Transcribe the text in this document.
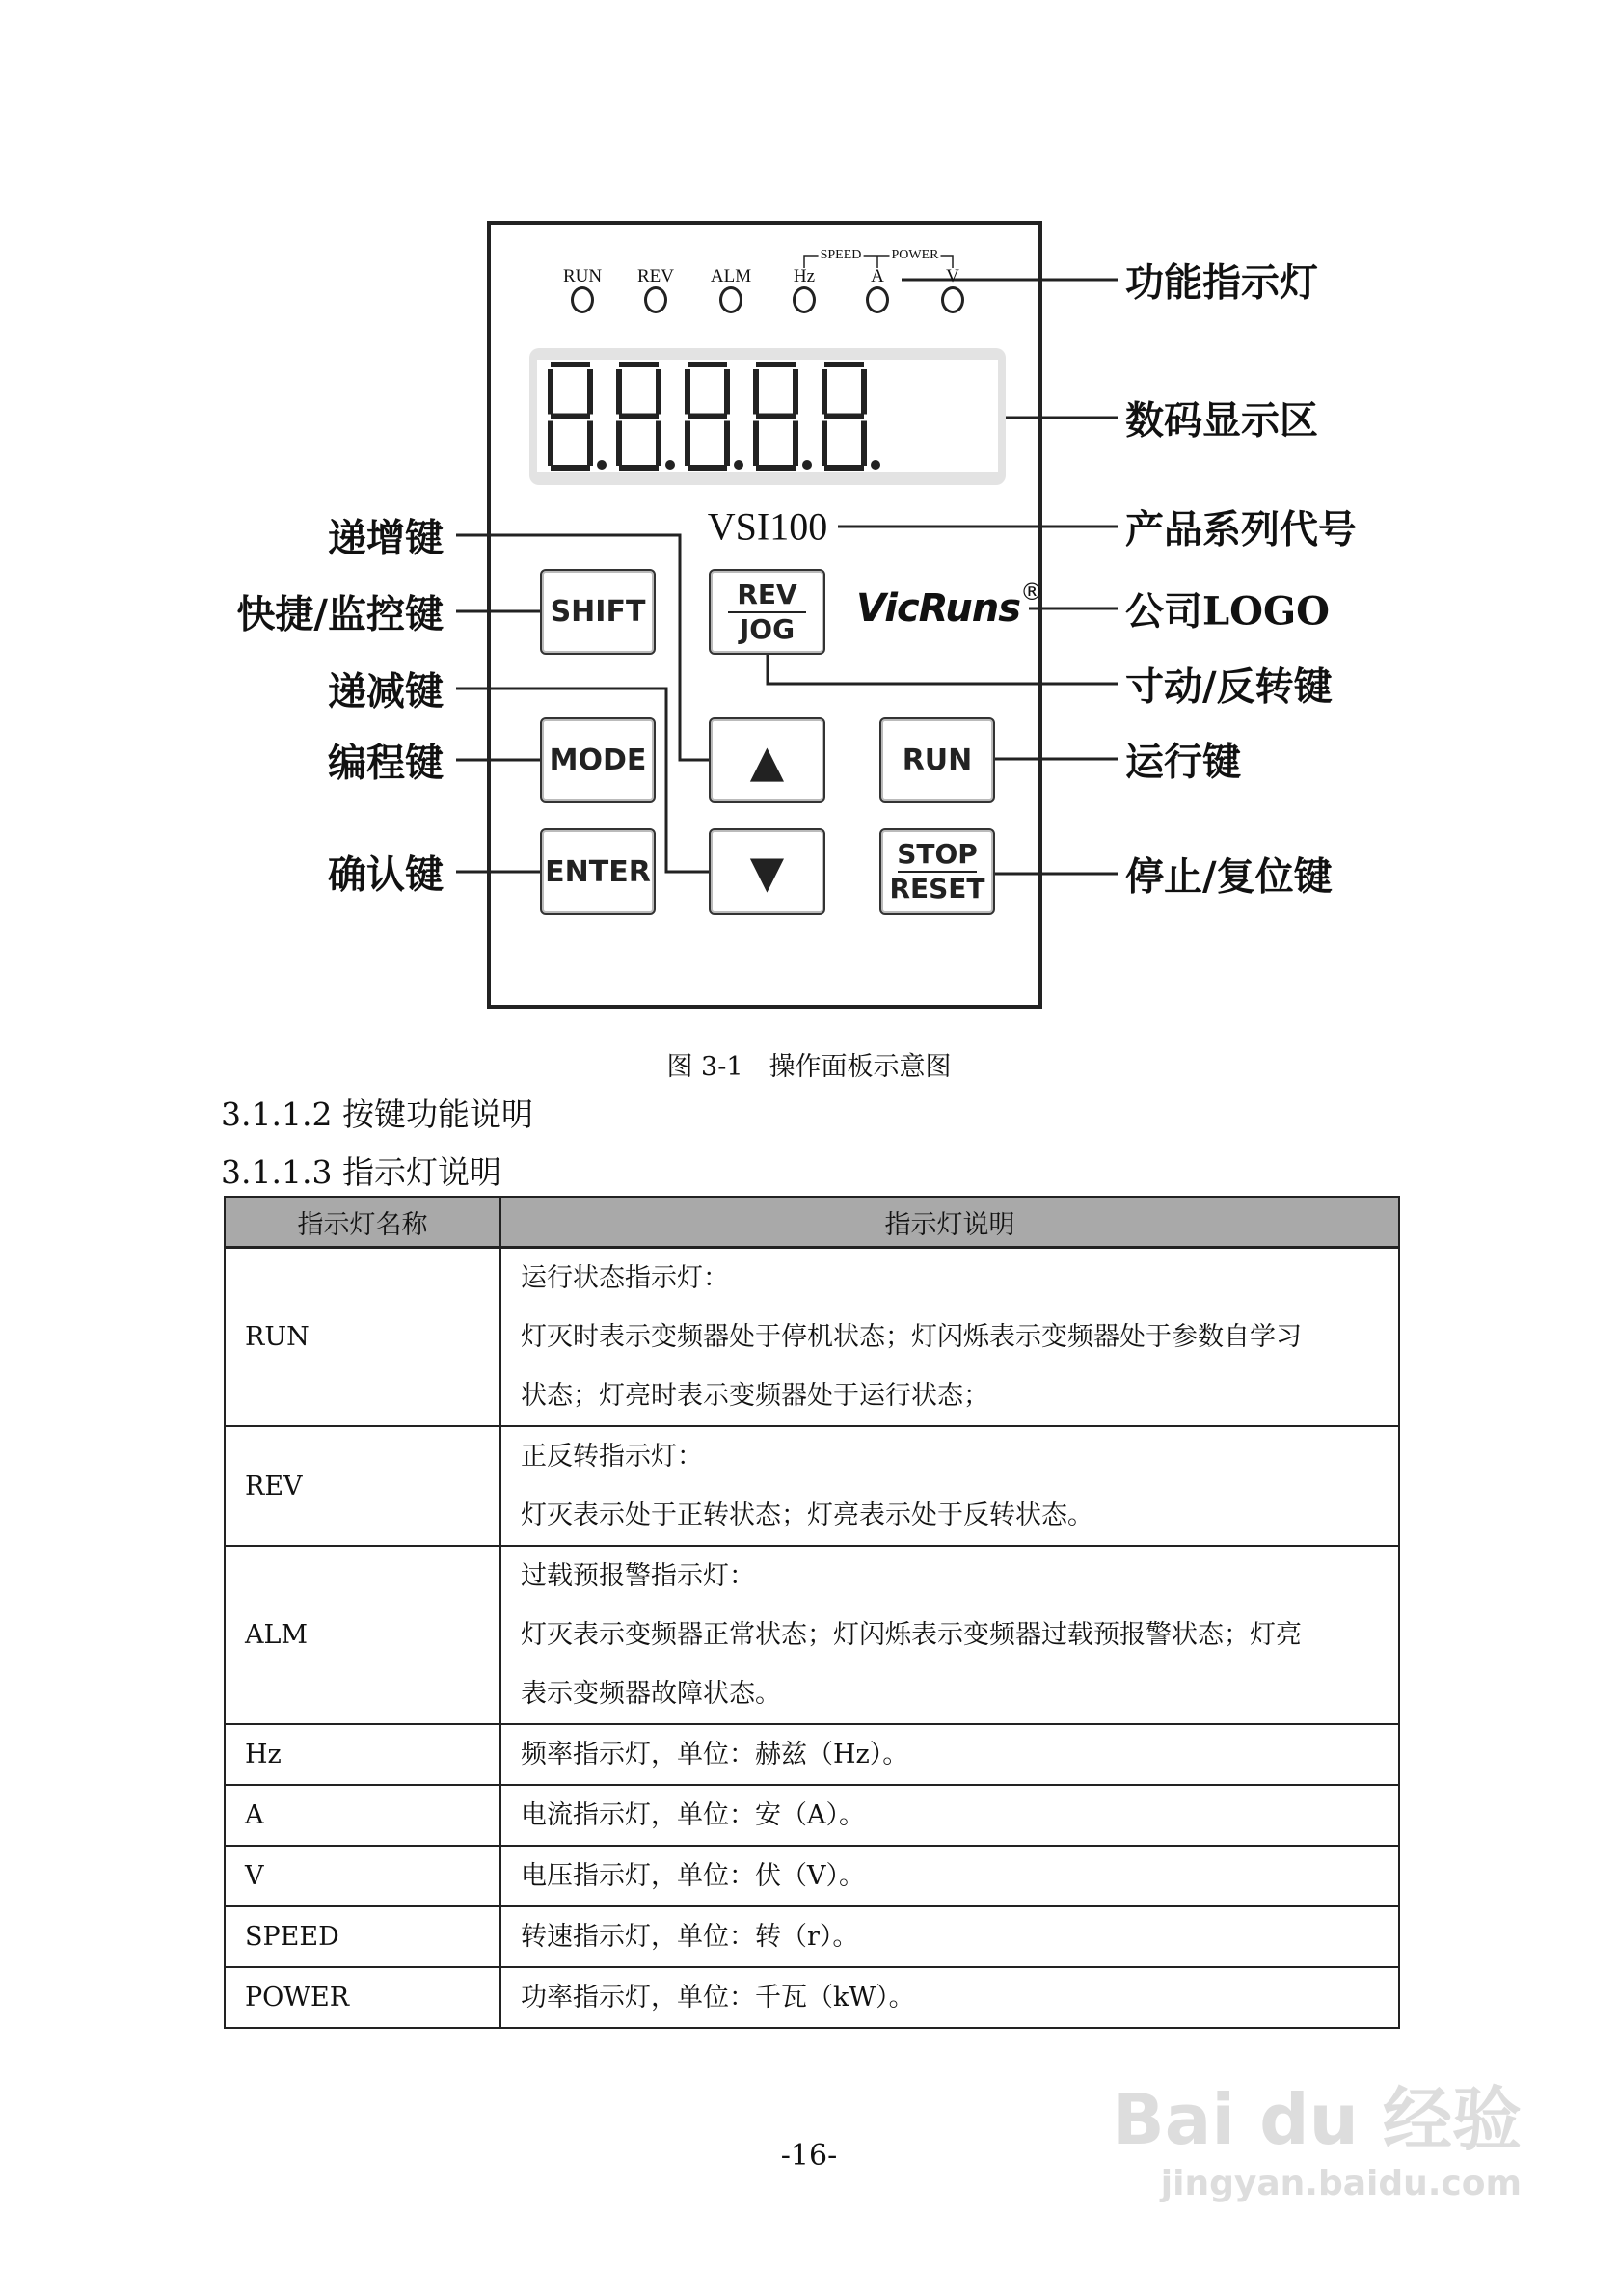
SPEED POWER
RUN REV ALM Hz	A	V
VSI100
VicRuns®
SHIFT
REV
JOG
MODE ▲	RUN
ENTER ▼	STOP
RESET
递增键
快捷/监控键
递减键
编程键
确认键
功能指示灯
数码显示区
产品系列代号
公司LOGO
寸动/反转键
运行键
停止/复位键
图 3-1　操作面板示意图
3.1.1.2 按键功能说明
3.1.1.3 指示灯说明
指示灯名称	指示灯说明
RUN	运行状态指示灯：
灯灭时表示变频器处于停机状态；灯闪烁表示变频器处于参数自学习
状态；灯亮时表示变频器处于运行状态；

REV	正反转指示灯：
灯灭表示处于正转状态；灯亮表示处于反转状态。

ALM	过载预报警指示灯：
灯灭表示变频器正常状态；灯闪烁表示变频器过载预报警状态；灯亮
表示变频器故障状态。

Hz	频率指示灯，单位：赫兹（Hz）。

A	电流指示灯，单位：安（A）。

V	电压指示灯，单位：伏（V）。

SPEED	转速指示灯，单位：转（r）。

POWER	功率指示灯，单位：千瓦（kW）。
-16-	Bai du 经验
jingyan.baidu.com
